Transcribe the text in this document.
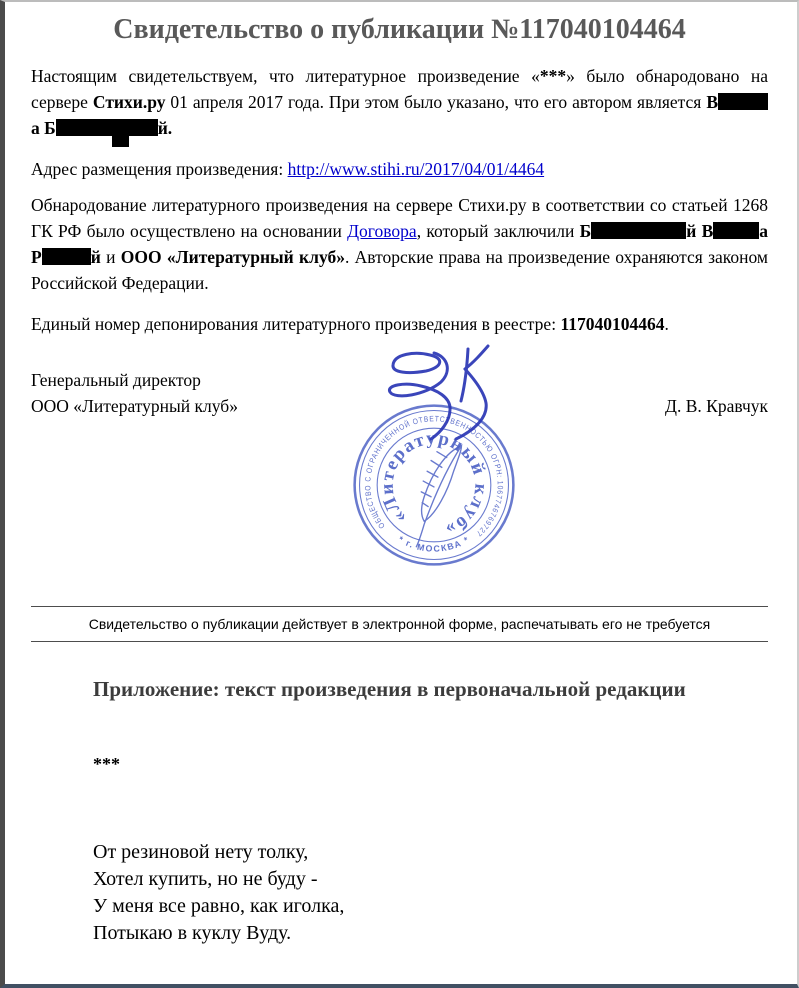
Свидетельство о публикации №117040104464

Настоящим свидетельствуем, что литературное произведение «***» было обнародовано на сервере Стихи.ру 01 апреля 2017 года. При этом было указано, что его автором является Ва Б	й.

Адрес размещения произведения: http://www.stihi.ru/2017/04/01/4464

Обнародование литературного произведения на сервере Стихи.ру в соответствии со статьей 1268 ГК РФ было осуществлено на основании Договора, который заключили Б	й В	а Р	й и ООО «Литературный клуб». Авторские права на произведение охраняются законом Российской Федерации.

Единый номер депонирования литературного произведения в реестре: 117040104464.

Генеральный директор
ООО «Литературный клуб»	Д. В. Кравчук
Свидетельство о публикации действует в электронной форме, распечатывать его не требуется
Приложение: текст произведения в первоначальной редакции
***
От резиновой нету толку,
Хотел купить, но не буду -
У меня все равно, как иголка,
Потыкаю в куклу Вуду.
ОБЩЕСТВО С ОГРАНИЧЕННОЙ ОТВЕТСТВЕННОСТЬЮ ОГРН: 1067746769727
«Литературный клуб»
* г. МОСКВА *
